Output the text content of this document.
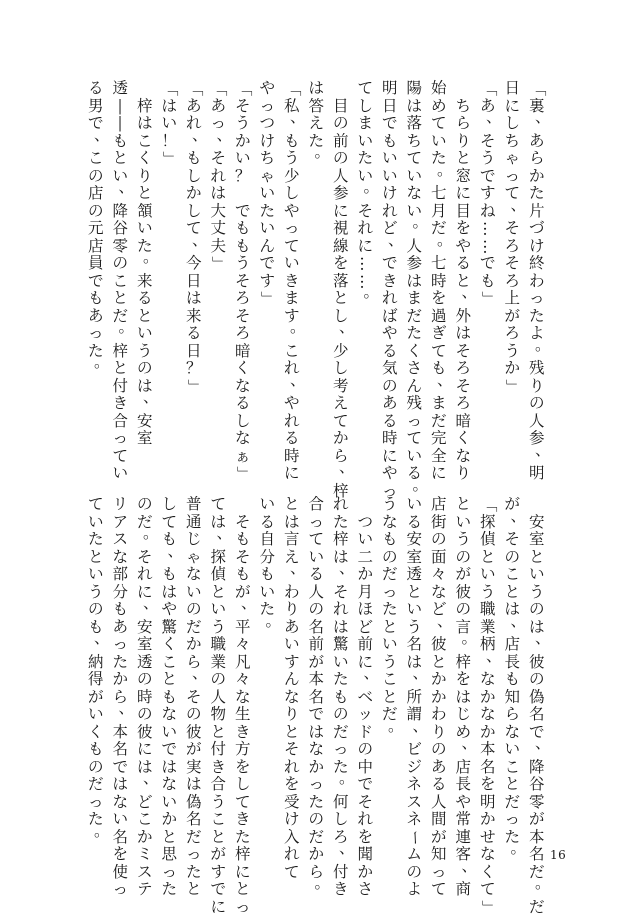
「
裏
、
あ
ら
か
た
片
づ
け
終
わ
っ
た
よ
。
残
り
の
人
参
、
明
日
に
し
ち
ゃ
っ
て
、
そ
ろ
そ
ろ
上
が
ろ
う
か
」
「
あ
、
そ
う
で
す
ね
…
…
で
も
」

ち
ら
り
と
窓
に
目
を
や
る
と
、
外
は
そ
ろ
そ
ろ
暗
く
な
り
始
め
て
い
た
。
七
月
だ
。
七
時
を
過
ぎ
て
も
、
ま
だ
完
全
に
陽
は
落
ち
て
い
な
い
。
人
参
は
ま
だ
た
く
さ
ん
残
っ
て
い
る
。
明
日
で
も
い
い
け
れ
ど
、
で
き
れ
ば
や
る
気
の
あ
る
時
に
や
っ
て
し
ま
い
た
い
。
そ
れ
に
…
…
。

目
の
前
の
人
参
に
視
線
を
落
と
し
、
少
し
考
え
て
か
ら
、
梓
は
答
え
た
。
「
私
、
も
う
少
し
や
っ
て
い
き
ま
す
。
こ
れ
、
や
れ
る
時
に
や
っ
つ
け
ち
ゃ
い
た
い
ん
で
す
」
「
そ
う
か
い
？

で
も
も
う
そ
ろ
そ
ろ
暗
く
な
る
し
な
ぁ
」
「
あ
っ
、
そ
れ
は
大
丈
夫
」
「
あ
れ
、
も
し
か
し
て
、
今
日
は
来
る
日
？
」
「
は
い
！
」

梓
は
こ
く
り
と
頷
い
た
。
来
る
と
い
う
の
は
、
安
室
透
―
―
も
と
い
、
降
谷
零
の
こ
と
だ
。
梓
と
付
き
合
っ
て
い
る
男
で
、
こ
の
店
の
元
店
員
で
も
あ
っ
た
。

安
室
と
い
う
の
は
、
彼
の
偽
名
で
、
降
谷
零
が
本
名
だ
。
だ
が
、
そ
の
こ
と
は
、
店
長
も
知
ら
な
い
こ
と
だ
っ
た
。
「
探
偵
と
い
う
職
業
柄
、
な
か
な
か
本
名
を
明
か
せ
な
く
て
」
と
い
う
の
が
彼
の
言
。
梓
を
は
じ
め
、
店
長
や
常
連
客
、
商
店
街
の
面
々
な
ど
、
彼
と
か
か
わ
り
の
あ
る
人
間
が
知
っ
て
い
る
安
室
透
と
い
う
名
は
、
所
謂
、
ビ
ジ
ネ
ス
ネ
ー
ム
の
よ
う
な
も
の
だ
っ
た
と
い
う
こ
と
だ
。

つ
い
二
か
月
ほ
ど
前
に
、
ベ
ッ
ド
の
中
で
そ
れ
を
聞
か
さ
れ
た
梓
は
、
そ
れ
は
驚
い
た
も
の
だ
っ
た
。
何
し
ろ
、
付
き
合
っ
て
い
る
人
の
名
前
が
本
名
で
は
な
か
っ
た
の
だ
か
ら
。
と
は
言
え
、
わ
り
あ
い
す
ん
な
り
と
そ
れ
を
受
け
入
れ
て
い
る
自
分
も
い
た
。

そ
も
そ
も
が
、
平
々
凡
々
な
生
き
方
を
し
て
き
た
梓
に
と
っ
て
は
、
探
偵
と
い
う
職
業
の
人
物
と
付
き
合
う
こ
と
が
す
で
に
普
通
じ
ゃ
な
い
の
だ
か
ら
、
そ
の
彼
が
実
は
偽
名
だ
っ
た
と
し
て
も
、
も
は
や
驚
く
こ
と
も
な
い
で
は
な
い
か
と
思
っ
た
の
だ
。
そ
れ
に
、
安
室
透
の
時
の
彼
に
は
、
ど
こ
か
ミ
ス
テ
リ
ア
ス
な
部
分
も
あ
っ
た
か
ら
、
本
名
で
は
な
い
名
を
使
っ
て
い
た
と
い
う
の
も
、
納
得
が
い
く
も
の
だ
っ
た
。
16
